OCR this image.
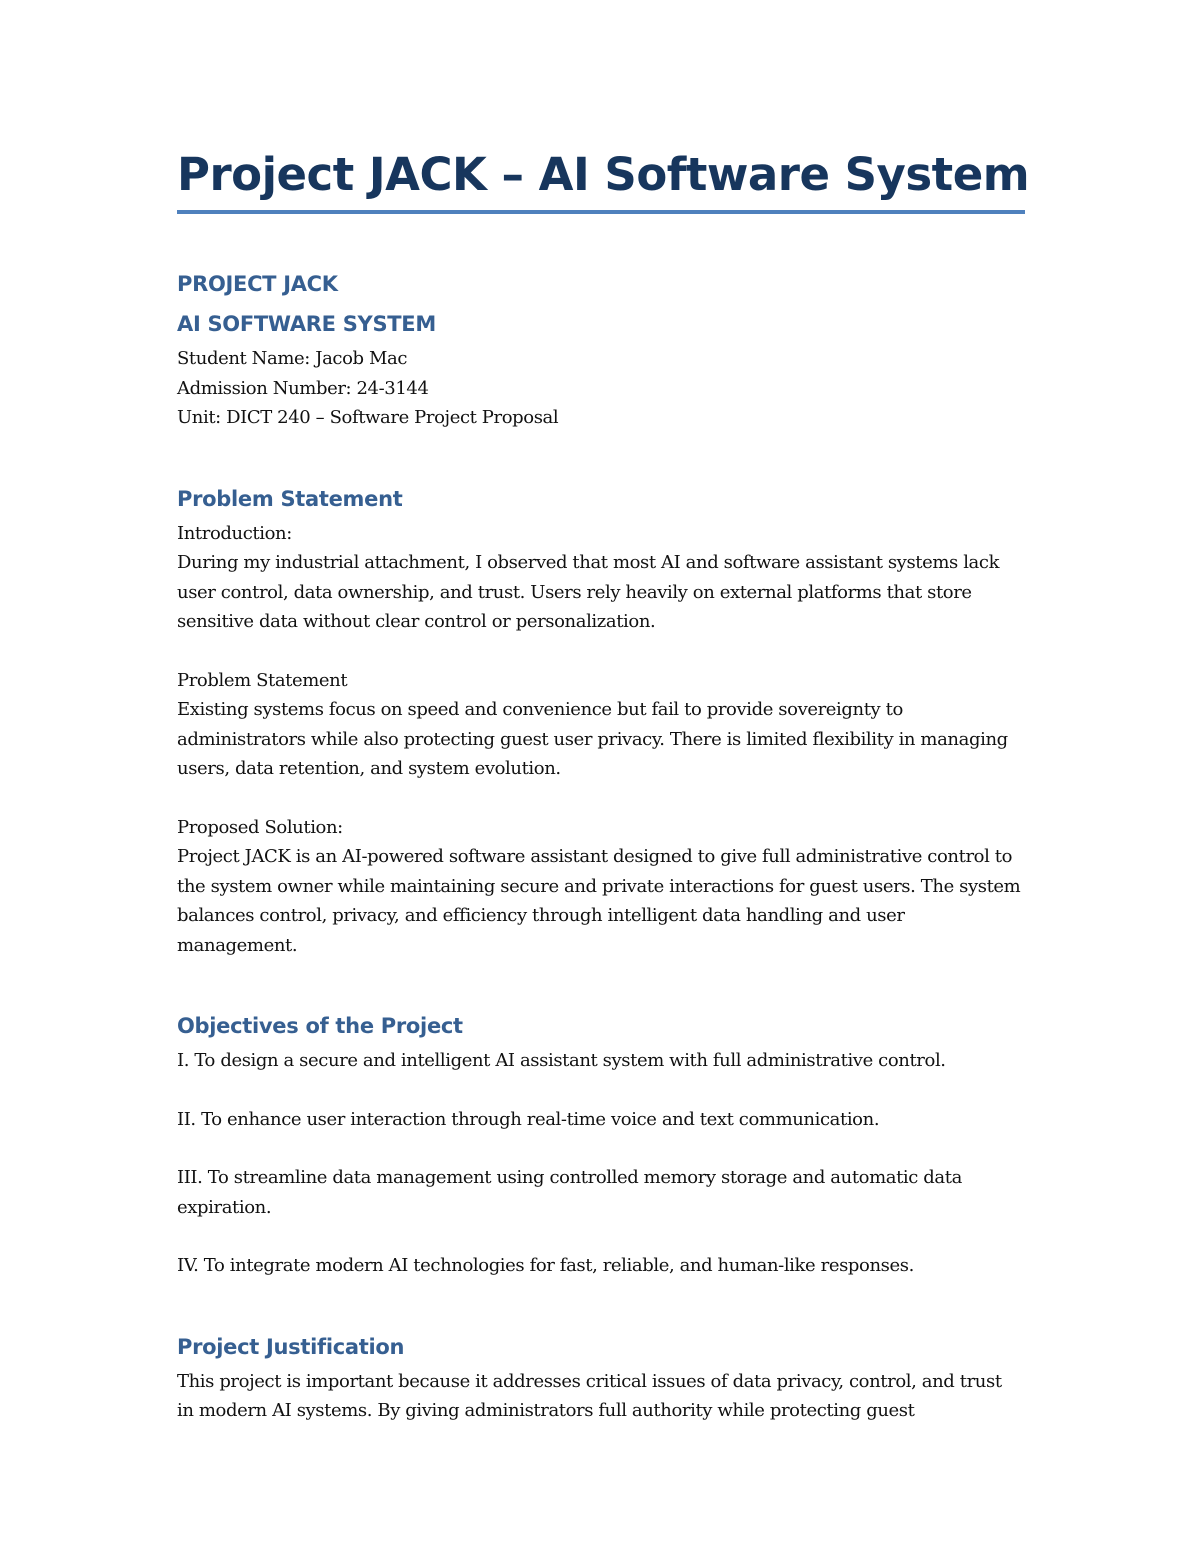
Project JACK – AI Software System
PROJECT JACK
AI SOFTWARE SYSTEM
Student Name: Jacob Mac
Admission Number: 24-3144
Unit: DICT 240 – Software Project Proposal
Problem Statement
Introduction:

During my industrial attachment, I observed that most AI and software assistant systems lack user control, data ownership, and trust. Users rely heavily on external platforms that store sensitive data without clear control or personalization.

Problem Statement

Existing systems focus on speed and convenience but fail to provide sovereignty to administrators while also protecting guest user privacy. There is limited flexibility in managing users, data retention, and system evolution.

Proposed Solution:

Project JACK is an AI-powered software assistant designed to give full administrative control to the system owner while maintaining secure and private interactions for guest users. The system balances control, privacy, and efficiency through intelligent data handling and user management.

Objectives of the Project

I. To design a secure and intelligent AI assistant system with full administrative control.

II. To enhance user interaction through real-time voice and text communication.

III. To streamline data management using controlled memory storage and automatic data expiration.

IV. To integrate modern AI technologies for fast, reliable, and human-like responses.

Project Justification

This project is important because it addresses critical issues of data privacy, control, and trust in modern AI systems. By giving administrators full authority while protecting guest
